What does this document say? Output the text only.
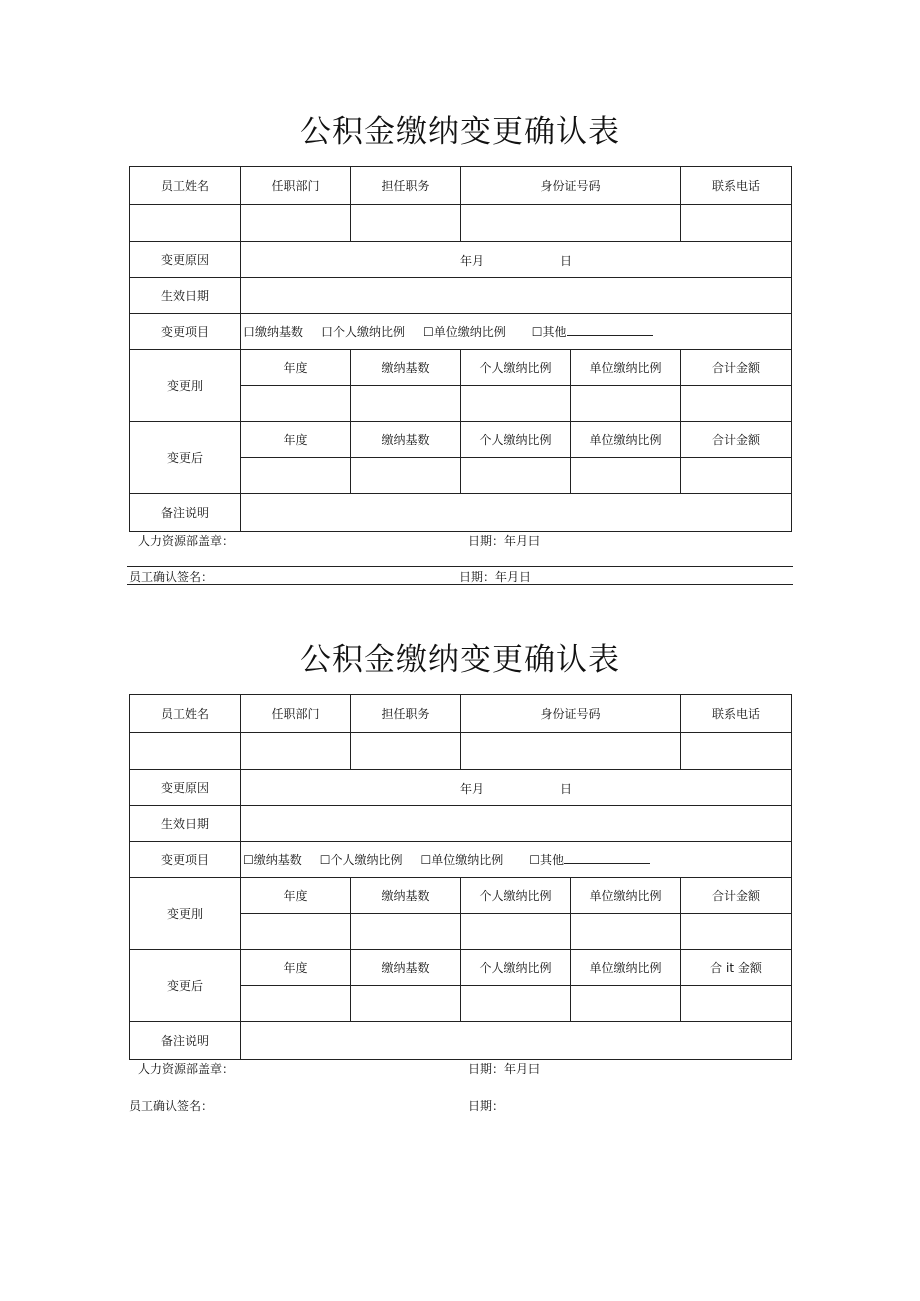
公积金缴纳变更确认表
员工姓名	任职部门	担任职务	身份证号码		联系电话

变更原因	年月 日				

生效日期					
变更项目	口缴纳基数 口个人缴纳比例 ☐单位缴纳比例 ☐其他				
变更刖	年度	缴纳基数	个人缴纳比例	单位缴纳比例	合计金额

变更后	年度	缴纳基数	个人缴纳比例	单位缴纳比例	合计金额

备注说明					
人力资源部盖章：	日期：年月曰
员工确认签名：	日期：年月日
公积金缴纳变更确认表
员工姓名	任职部门	担任职务	身份证号码		联系电话

变更原因	年月 日				

生效日期					
变更项目	☐缴纳基数 ☐个人缴纳比例 ☐单位缴纳比例 ☐其他				
变更刖	年度	缴纳基数	个人缴纳比例	单位缴纳比例	合计金额

变更后	年度	缴纳基数	个人缴纳比例	单位缴纳比例	合 it 金额

备注说明					
人力资源部盖章：	日期：年月曰
员工确认签名：	日期：
